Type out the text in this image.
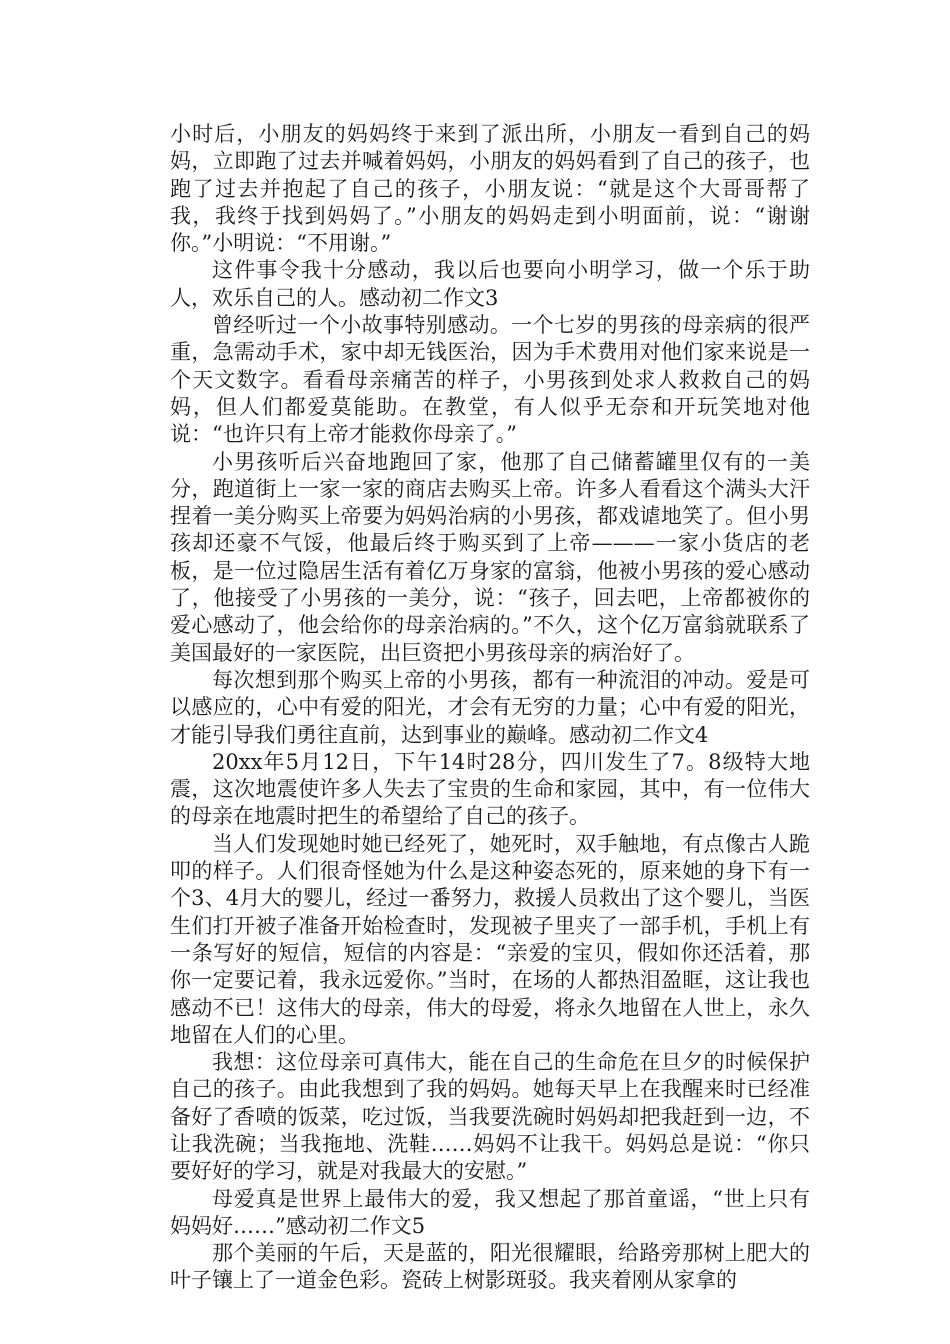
小时后，小朋友的妈妈终于来到了派出所，小朋友一看到自己的妈妈，立即跑了过去并喊着妈妈，小朋友的妈妈看到了自己的孩子，也跑了过去并抱起了自己的孩子，小朋友说：“就是这个大哥哥帮了我，我终于找到妈妈了。”小朋友的妈妈走到小明面前，说：“谢谢你。”小明说：“不用谢。”

这件事令我十分感动，我以后也要向小明学习，做一个乐于助人，欢乐自己的人。感动初二作文3

曾经听过一个小故事特别感动。一个七岁的男孩的母亲病的很严重，急需动手术，家中却无钱医治，因为手术费用对他们家来说是一个天文数字。看看母亲痛苦的样子，小男孩到处求人救救自己的妈妈，但人们都爱莫能助。在教堂，有人似乎无奈和开玩笑地对他说：“也许只有上帝才能救你母亲了。”

小男孩听后兴奋地跑回了家，他那了自己储蓄罐里仅有的一美分，跑道街上一家一家的商店去购买上帝。许多人看看这个满头大汗捏着一美分购买上帝要为妈妈治病的小男孩，都戏谑地笑了。但小男孩却还豪不气馁，他最后终于购买到了上帝———一家小货店的老板，是一位过隐居生活有着亿万身家的富翁，他被小男孩的爱心感动了，他接受了小男孩的一美分，说：“孩子，回去吧，上帝都被你的爱心感动了，他会给你的母亲治病的。”不久，这个亿万富翁就联系了美国最好的一家医院，出巨资把小男孩母亲的病治好了。

每次想到那个购买上帝的小男孩，都有一种流泪的冲动。爱是可以感应的，心中有爱的阳光，才会有无穷的力量；心中有爱的阳光，才能引导我们勇往直前，达到事业的巅峰。感动初二作文4

20xx年5月12日，下午14时28分，四川发生了7。8级特大地震，这次地震使许多人失去了宝贵的生命和家园，其中，有一位伟大的母亲在地震时把生的希望给了自己的孩子。

当人们发现她时她已经死了，她死时，双手触地，有点像古人跪叩的样子。人们很奇怪她为什么是这种姿态死的，原来她的身下有一个3、4月大的婴儿，经过一番努力，救援人员救出了这个婴儿，当医生们打开被子准备开始检查时，发现被子里夹了一部手机，手机上有一条写好的短信，短信的内容是：“亲爱的宝贝，假如你还活着，那你一定要记着，我永远爱你。”当时，在场的人都热泪盈眶，这让我也感动不已！这伟大的母亲，伟大的母爱，将永久地留在人世上，永久地留在人们的心里。

我想：这位母亲可真伟大，能在自己的生命危在旦夕的时候保护自己的孩子。由此我想到了我的妈妈。她每天早上在我醒来时已经准备好了香喷的饭菜，吃过饭，当我要洗碗时妈妈却把我赶到一边，不让我洗碗；当我拖地、洗鞋……妈妈不让我干。妈妈总是说：“你只要好好的学习，就是对我最大的安慰。”

母爱真是世界上最伟大的爱，我又想起了那首童谣，“世上只有妈妈好……”感动初二作文5

那个美丽的午后，天是蓝的，阳光很耀眼，给路旁那树上肥大的叶子镶上了一道金色彩。瓷砖上树影斑驳。我夹着刚从家拿的
